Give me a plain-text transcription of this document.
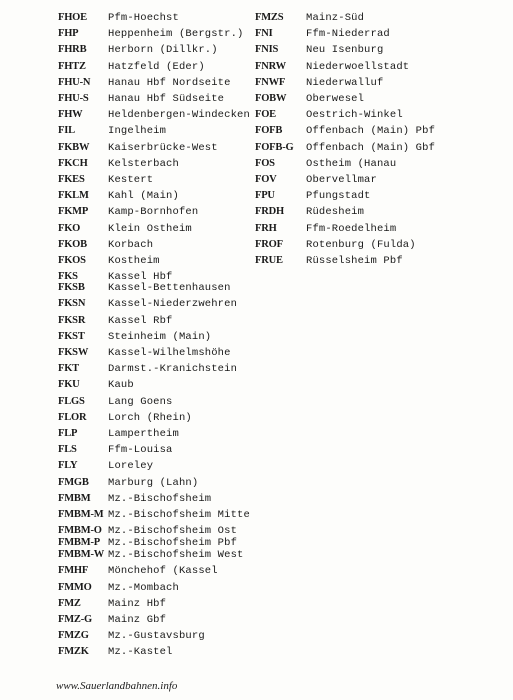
FHOE Pfm-Hoechst
FHP	Heppenheim (Bergstr.)
FHRB Herborn (Dillkr.)
FHTZ Hatzfeld (Eder)
FHU-N Hanau Hbf Nordseite
FHU-S Hanau Hbf Südseite
FHW Heldenbergen-Windecken
FIL	Ingelheim
FKBW Kaiserbrücke-West
FKCH Kelsterbach
FKES Kestert
FKLM Kahl (Main)
FKMP Kamp-Bornhofen
FKO	Klein Ostheim
FKOB Korbach
FKOS Kostheim
FKS	Kassel Hbf
FKSB Kassel-Bettenhausen
FKSN Kassel-Niederzwehren
FKSR Kassel Rbf
FKST Steinheim (Main)
FKSW Kassel-Wilhelmshöhe
FKT	Darmst.-Kranichstein
FKU	Kaub
FLGS Lang Goens
FLOR Lorch (Rhein)
FLP	Lampertheim
FLS	Ffm-Louisa
FLY	Loreley
FMGB Marburg (Lahn)
FMBM Mz.-Bischofsheim
FMBM-M Mz.-Bischofsheim Mitte
FMBM-O Mz.-Bischofsheim Ost
FMBM-P Mz.-Bischofsheim Pbf
FMBM-W Mz.-Bischofsheim West
FMHF Mönchehof (Kassel
FMMO Mz.-Mombach
FMZ	Mainz Hbf
FMZ-G Mainz Gbf
FMZG Mz.-Gustavsburg
FMZK Mz.-Kastel
FMZS Mainz-Süd
FNI	Ffm-Niederrad
FNIS	Neu Isenburg
FNRW Niederwoellstadt
FNWF Niederwalluf
FOBW Oberwesel
FOE	Oestrich-Winkel
FOFB Offenbach (Main) Pbf
FOFB-G Offenbach (Main) Gbf
FOS	Ostheim (Hanau
FOV	Obervellmar
FPU	Pfungstadt
FRDH Rüdesheim
FRH	Ffm-Roedelheim
FROF Rotenburg (Fulda)
FRUE Rüsselsheim Pbf
www.Sauerlandbahnen.info
